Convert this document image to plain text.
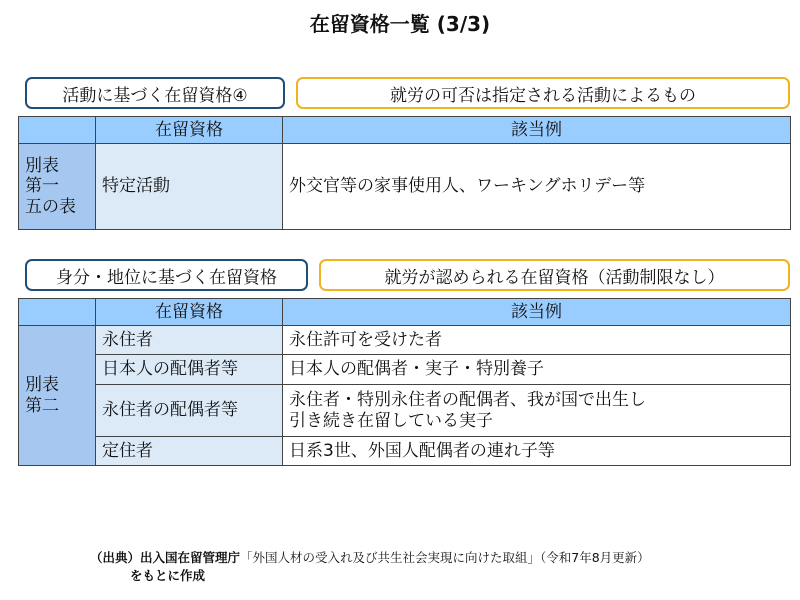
在留資格一覧 (3/3)
活動に基づく在留資格④	就労の可否は指定される活動によるもの
	在留資格	該当例

別表
第一
五の表	特定活動	外交官等の家事使用人、ワーキングホリデー等
身分・地位に基づく在留資格	就労が認められる在留資格（活動制限なし）
	在留資格	該当例

別表
第二	永住者	永住許可を受けた者
	日本人の配偶者等	日本人の配偶者・実子・特別養子
	永住者の配偶者等	永住者・特別永住者の配偶者、我が国で出生し
引き続き在留している実子

	定住者	日系3世、外国人配偶者の連れ子等
（出典）出入国在留管理庁「外国人材の受入れ及び共生社会実現に向けた取組」（令和7年8月更新）
をもとに作成
